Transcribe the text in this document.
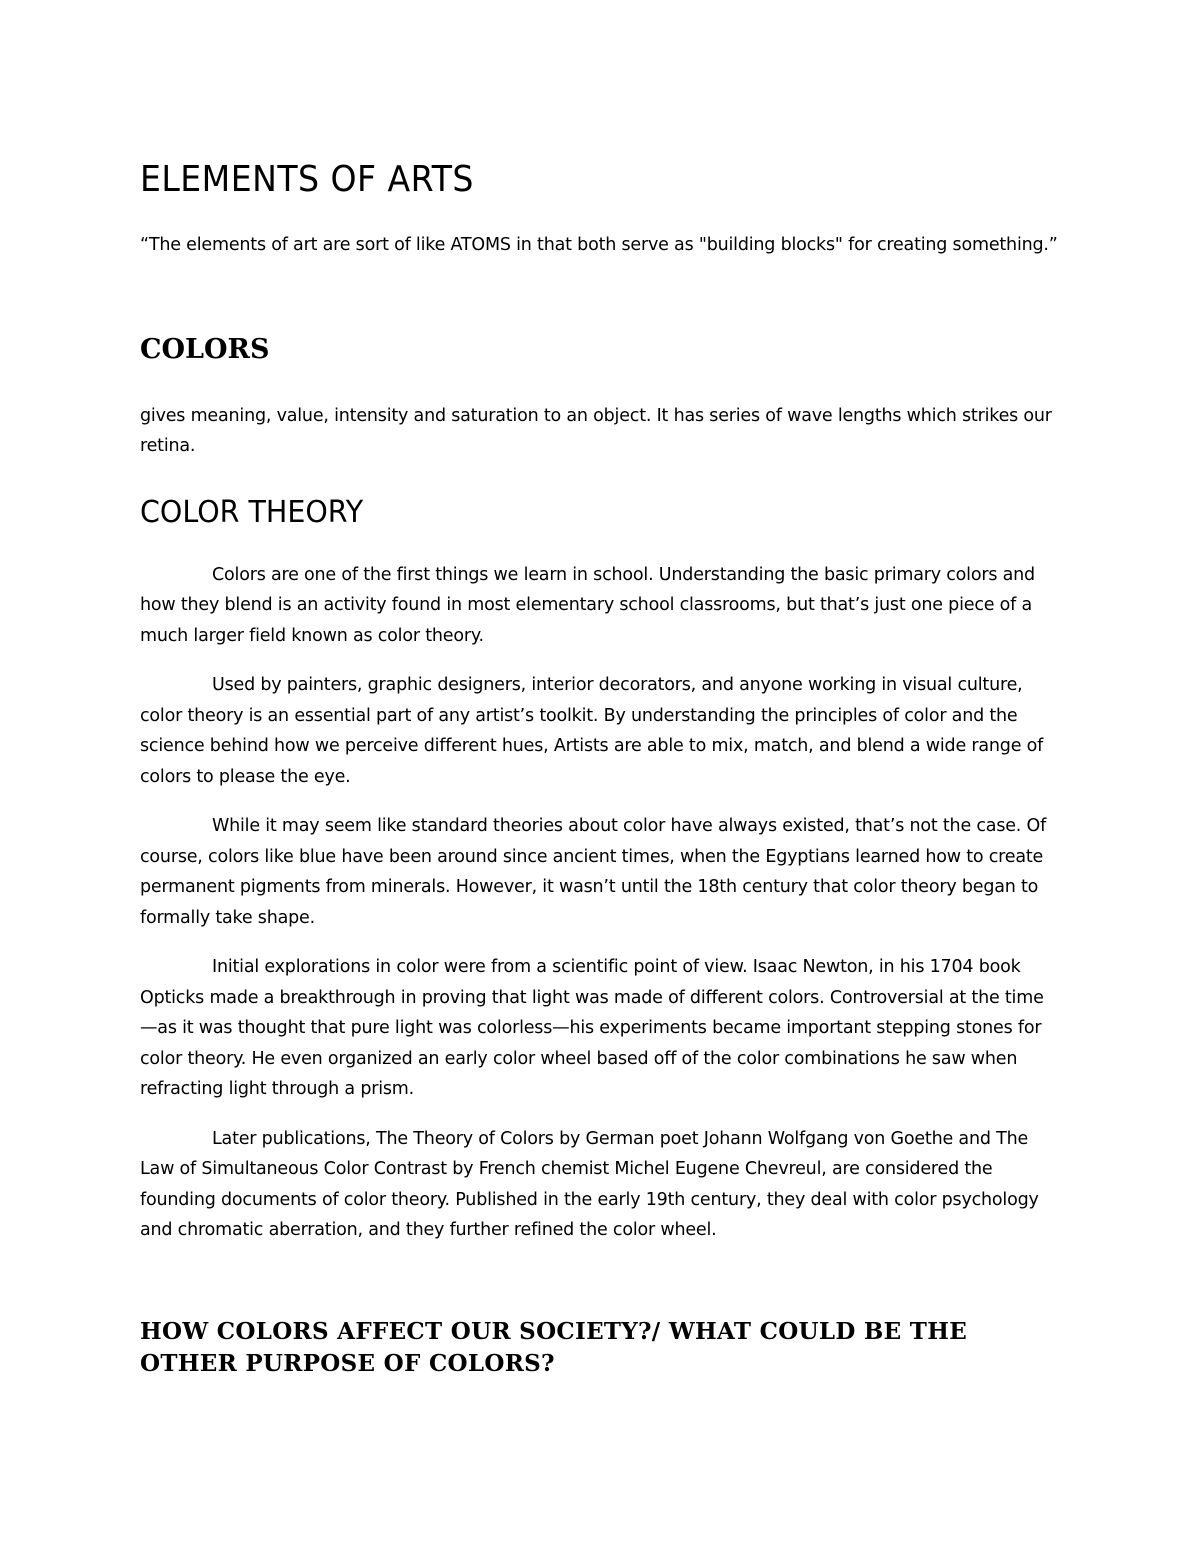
ELEMENTS OF ARTS

“The elements of art are sort of like ATOMS in that both serve as "building blocks" for creating something.”

COLORS

gives meaning, value, intensity and saturation to an object. It has series of wave lengths which strikes our retina.

COLOR THEORY

Colors are one of the first things we learn in school. Understanding the basic primary colors and how they blend is an activity found in most elementary school classrooms, but that’s just one piece of a much larger field known as color theory.

Used by painters, graphic designers, interior decorators, and anyone working in visual culture, color theory is an essential part of any artist’s toolkit. By understanding the principles of color and the science behind how we perceive different hues, Artists are able to mix, match, and blend a wide range of colors to please the eye.

While it may seem like standard theories about color have always existed, that’s not the case. Of course, colors like blue have been around since ancient times, when the Egyptians learned how to create permanent pigments from minerals. However, it wasn’t until the 18th century that color theory began to formally take shape.

Initial explorations in color were from a scientific point of view. Isaac Newton, in his 1704 book Opticks made a breakthrough in proving that light was made of different colors. Controversial at the time—as it was thought that pure light was colorless—his experiments became important stepping stones for color theory. He even organized an early color wheel based off of the color combinations he saw when refracting light through a prism.

Later publications, The Theory of Colors by German poet Johann Wolfgang von Goethe and The Law of Simultaneous Color Contrast by French chemist Michel Eugene Chevreul, are considered the founding documents of color theory. Published in the early 19th century, they deal with color psychology and chromatic aberration, and they further refined the color wheel.

HOW COLORS AFFECT OUR SOCIETY?/ WHAT COULD BE THE OTHER PURPOSE OF COLORS?
